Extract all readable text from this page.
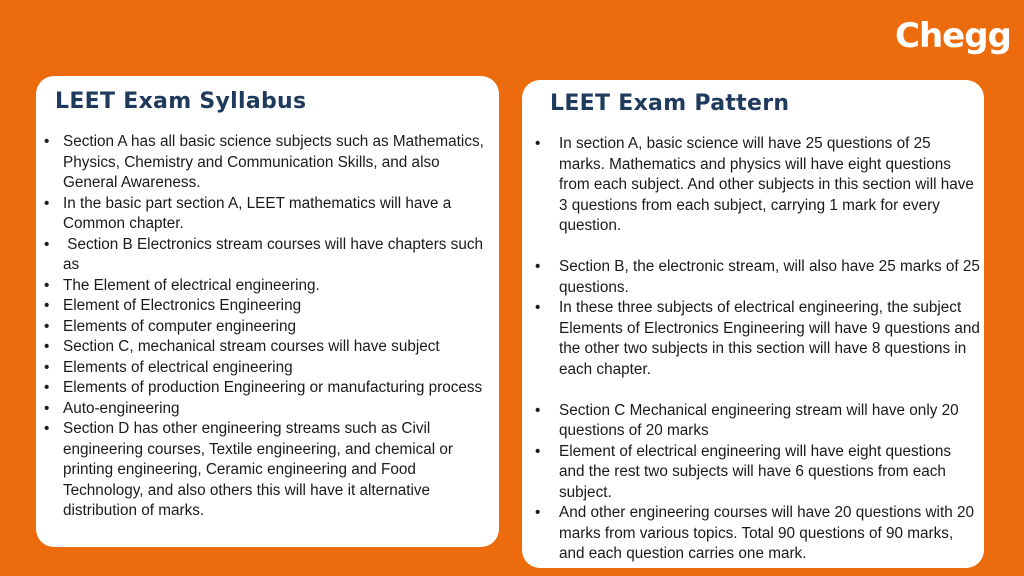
Chegg
LEET Exam Syllabus
• Section A has all basic science subjects such as Mathematics, Physics, Chemistry and Communication Skills, and also General Awareness.
• In the basic part section A, LEET mathematics will have a Common chapter.
• Section B Electronics stream courses will have chapters such as
• The Element of electrical engineering.
• Element of Electronics Engineering
• Elements of computer engineering
• Section C, mechanical stream courses will have subject
• Elements of electrical engineering
• Elements of production Engineering or manufacturing process
• Auto-engineering
• Section D has other engineering streams such as Civil engineering courses, Textile engineering, and chemical or printing engineering, Ceramic engineering and Food Technology, and also others this will have it alternative distribution of marks.
LEET Exam Pattern
• In section A, basic science will have 25 questions of 25 marks. Mathematics and physics will have eight questions from each subject. And other subjects in this section will have 3 questions from each subject, carrying 1 mark for every question.
• Section B, the electronic stream, will also have 25 marks of 25 questions.
• In these three subjects of electrical engineering, the subject Elements of Electronics Engineering will have 9 questions and the other two subjects in this section will have 8 questions in each chapter.
• Section C Mechanical engineering stream will have only 20 questions of 20 marks
• Element of electrical engineering will have eight questions and the rest two subjects will have 6 questions from each subject.
• And other engineering courses will have 20 questions with 20 marks from various topics. Total 90 questions of 90 marks, and each question carries one mark.
